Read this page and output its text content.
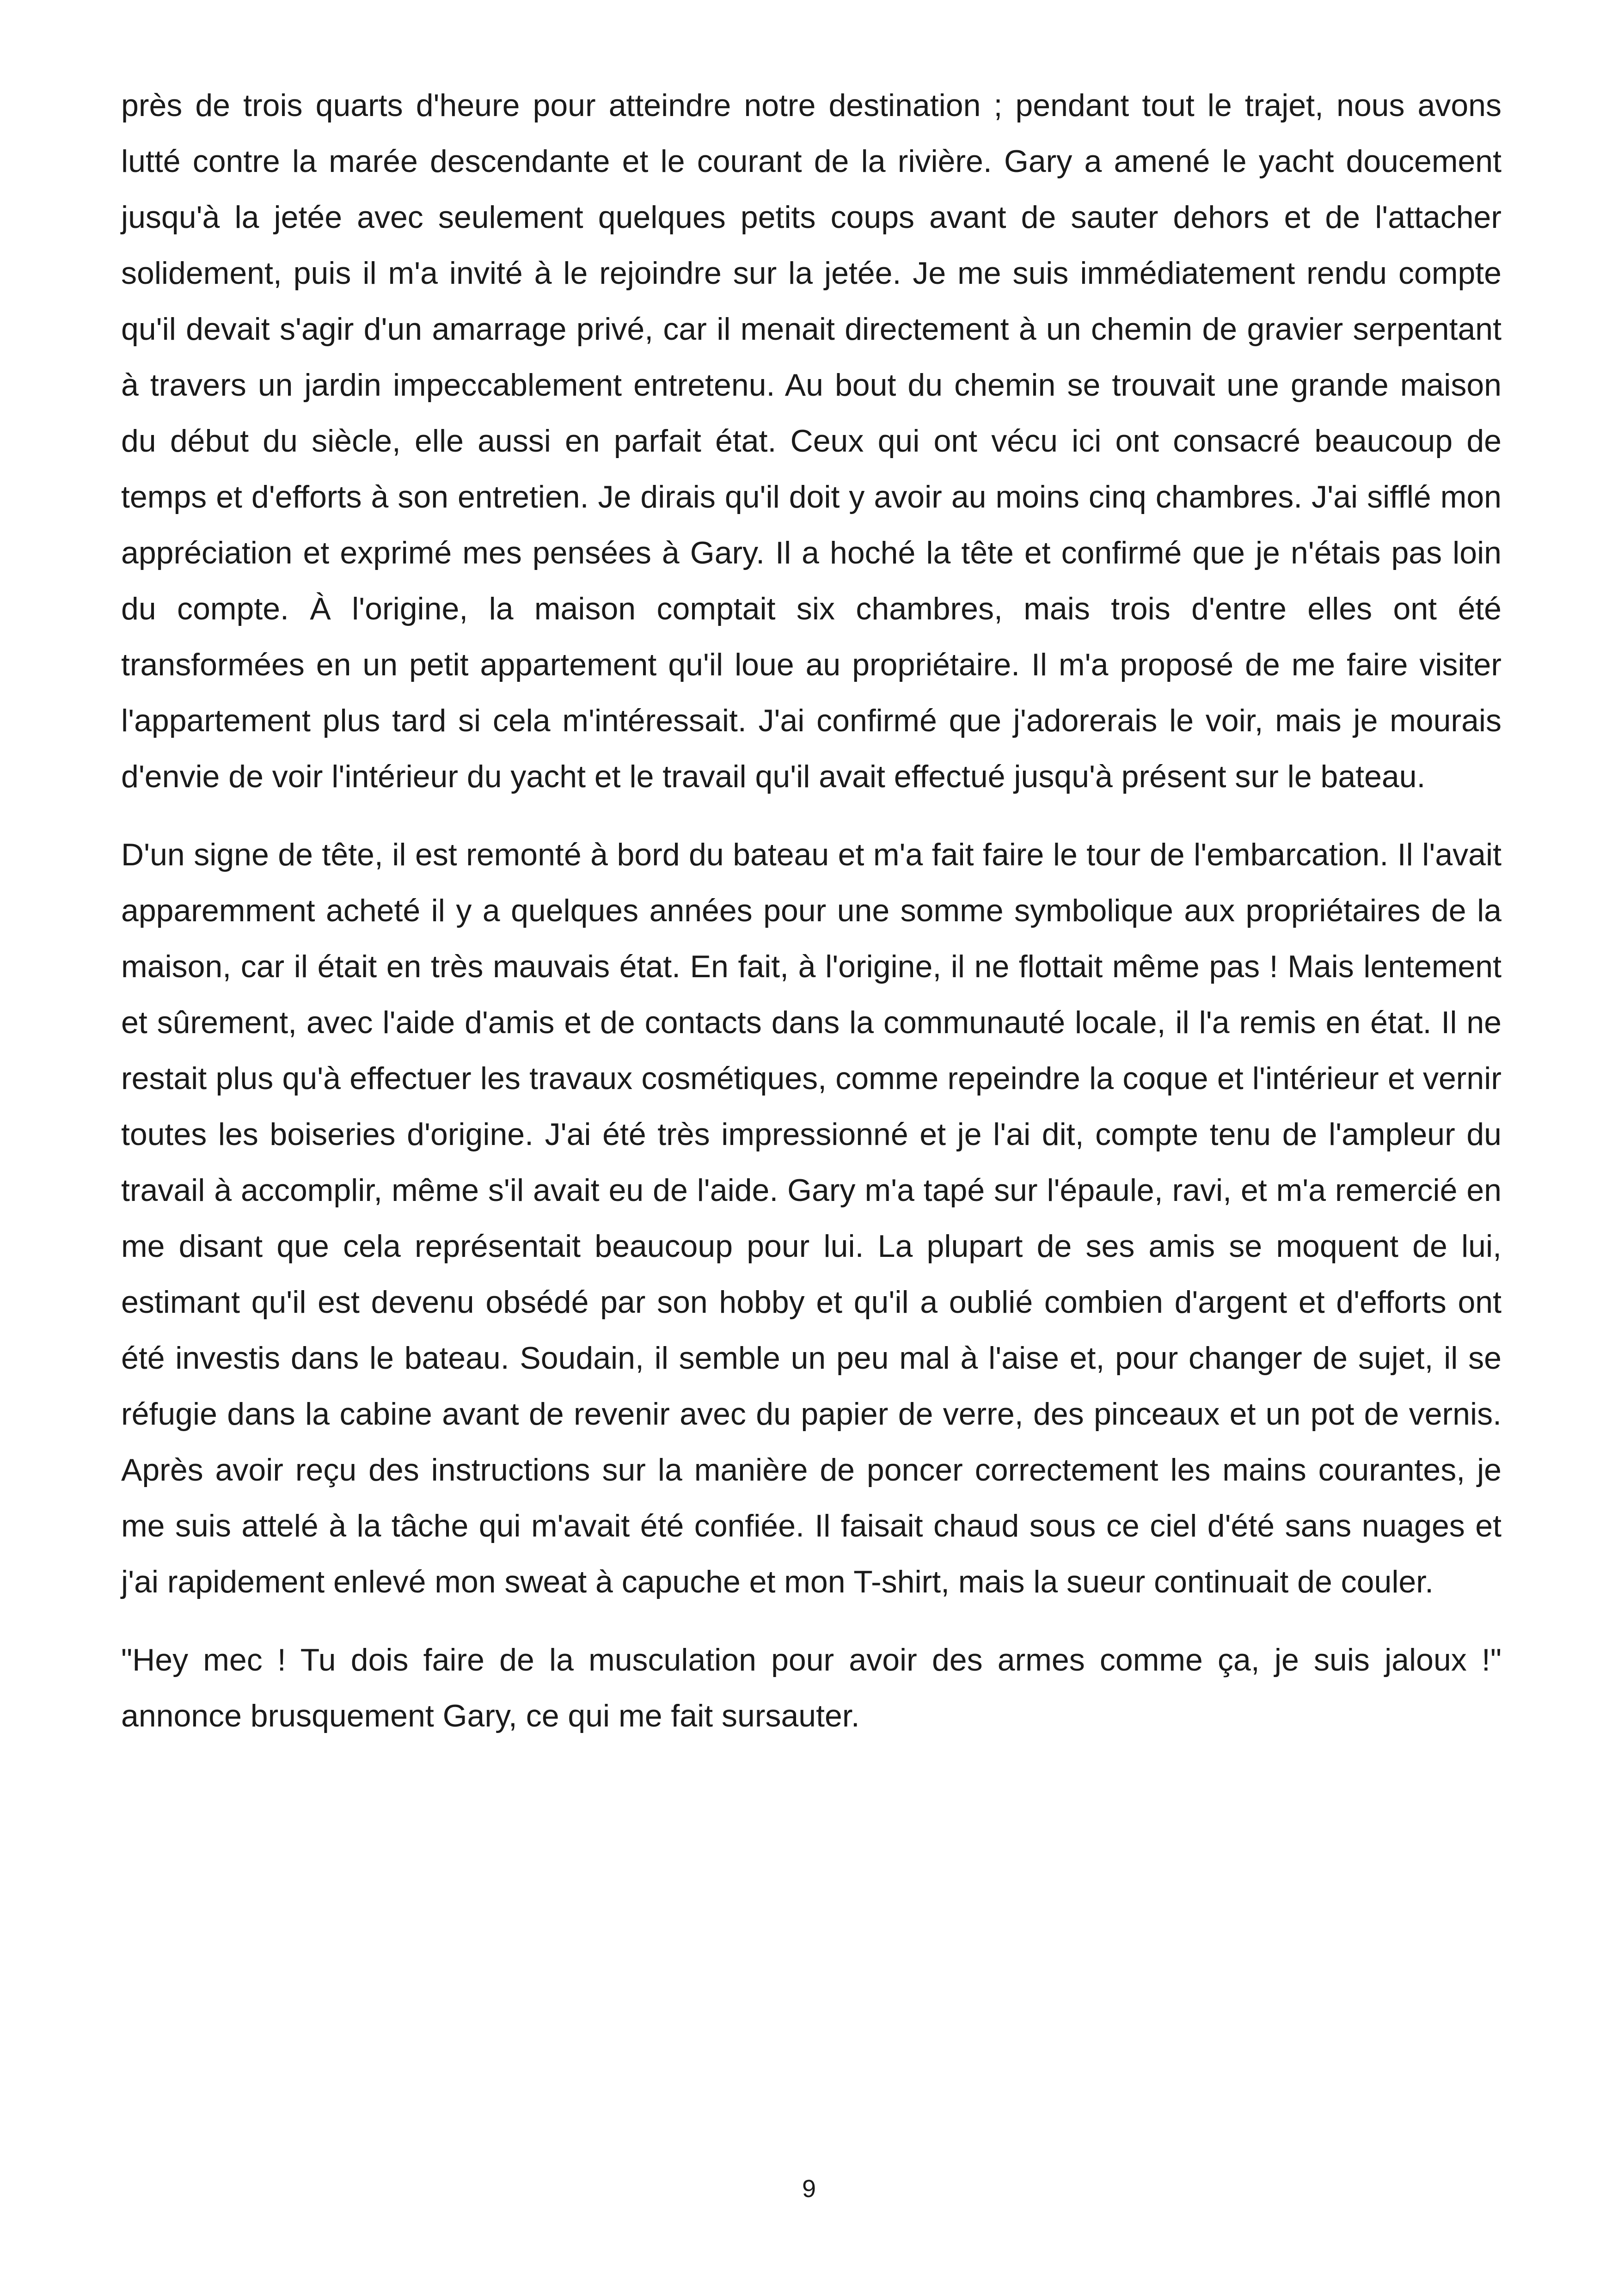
près de trois quarts d'heure pour atteindre notre destination ; pendant tout le trajet, nous avons lutté contre la marée descendante et le courant de la rivière. Gary a amené le yacht doucement jusqu'à la jetée avec seulement quelques petits coups avant de sauter dehors et de l'attacher solidement, puis il m'a invité à le rejoindre sur la jetée. Je me suis immédiatement rendu compte qu'il devait s'agir d'un amarrage privé, car il menait directement à un chemin de gravier serpentant à travers un jardin impeccablement entretenu. Au bout du chemin se trouvait une grande maison du début du siècle, elle aussi en parfait état. Ceux qui ont vécu ici ont consacré beaucoup de temps et d'efforts à son entretien. Je dirais qu'il doit y avoir au moins cinq chambres. J'ai sifflé mon appréciation et exprimé mes pensées à Gary. Il a hoché la tête et confirmé que je n'étais pas loin du compte. À l'origine, la maison comptait six chambres, mais trois d'entre elles ont été transformées en un petit appartement qu'il loue au propriétaire. Il m'a proposé de me faire visiter l'appartement plus tard si cela m'intéressait. J'ai confirmé que j'adorerais le voir, mais je mourais d'envie de voir l'intérieur du yacht et le travail qu'il avait effectué jusqu'à présent sur le bateau.

D'un signe de tête, il est remonté à bord du bateau et m'a fait faire le tour de l'embarcation. Il l'avait apparemment acheté il y a quelques années pour une somme symbolique aux propriétaires de la maison, car il était en très mauvais état. En fait, à l'origine, il ne flottait même pas ! Mais lentement et sûrement, avec l'aide d'amis et de contacts dans la communauté locale, il l'a remis en état. Il ne restait plus qu'à effectuer les travaux cosmétiques, comme repeindre la coque et l'intérieur et vernir toutes les boiseries d'origine. J'ai été très impressionné et je l'ai dit, compte tenu de l'ampleur du travail à accomplir, même s'il avait eu de l'aide. Gary m'a tapé sur l'épaule, ravi, et m'a remercié en me disant que cela représentait beaucoup pour lui. La plupart de ses amis se moquent de lui, estimant qu'il est devenu obsédé par son hobby et qu'il a oublié combien d'argent et d'efforts ont été investis dans le bateau. Soudain, il semble un peu mal à l'aise et, pour changer de sujet, il se réfugie dans la cabine avant de revenir avec du papier de verre, des pinceaux et un pot de vernis. Après avoir reçu des instructions sur la manière de poncer correctement les mains courantes, je me suis attelé à la tâche qui m'avait été confiée. Il faisait chaud sous ce ciel d'été sans nuages et j'ai rapidement enlevé mon sweat à capuche et mon T-shirt, mais la sueur continuait de couler.

"Hey mec ! Tu dois faire de la musculation pour avoir des armes comme ça, je suis jaloux !" annonce brusquement Gary, ce qui me fait sursauter.

9
